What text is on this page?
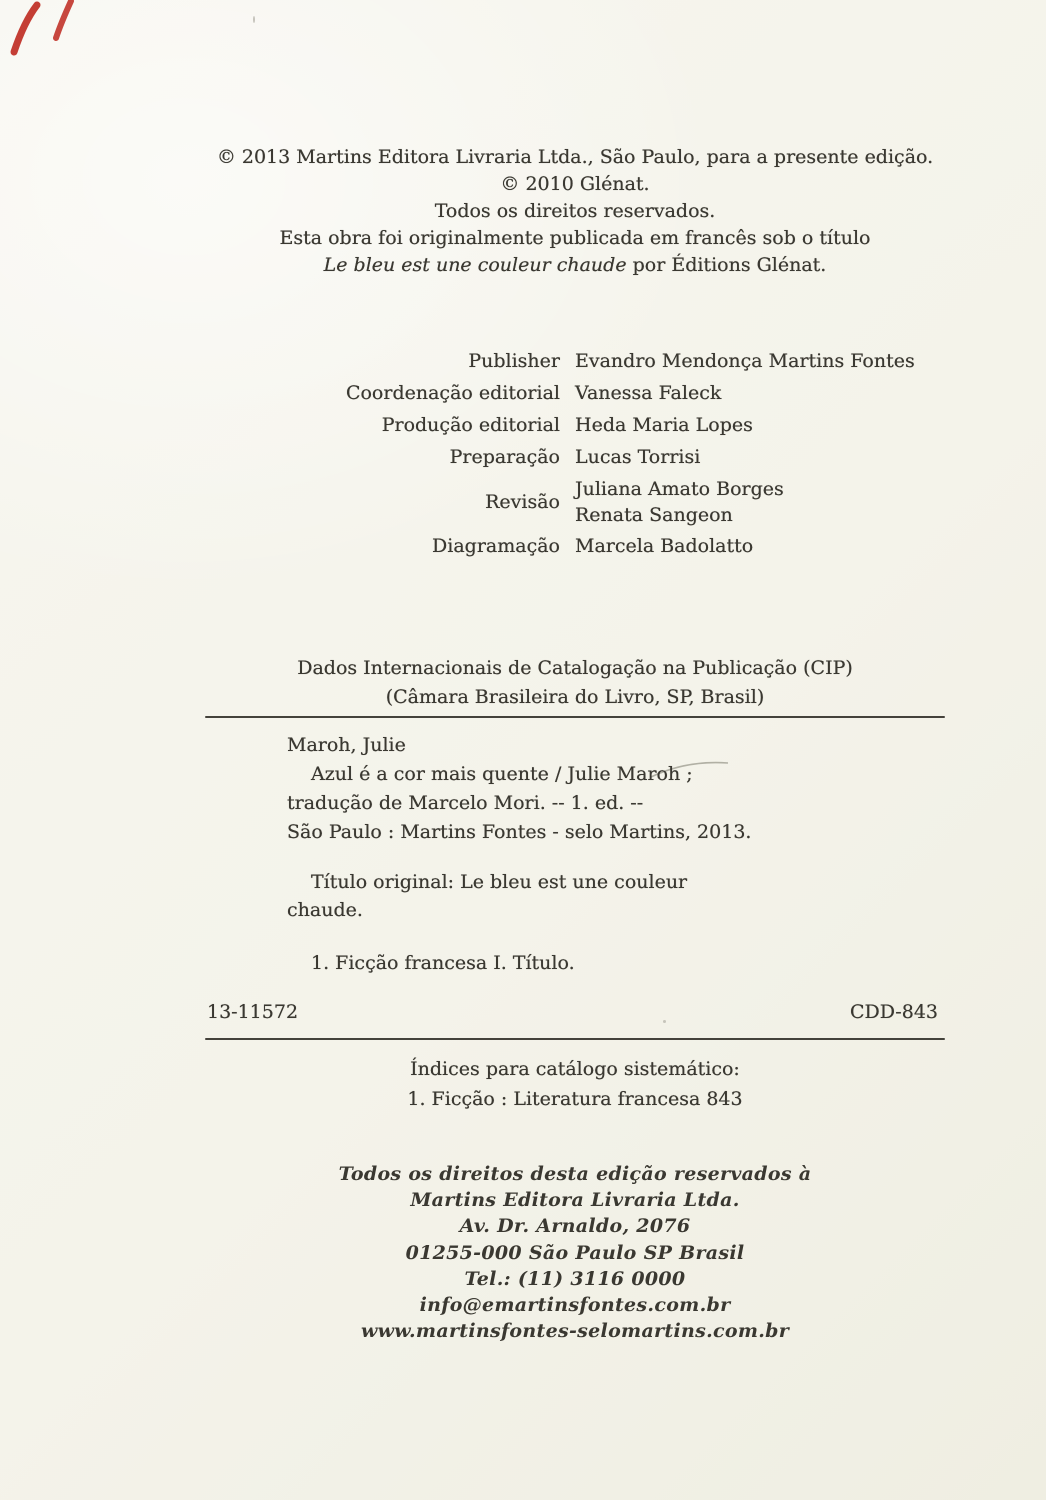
© 2013 Martins Editora Livraria Ltda., São Paulo, para a presente edição.
© 2010 Glénat.
Todos os direitos reservados.
Esta obra foi originalmente publicada em francês sob o título
Le bleu est une couleur chaude por Éditions Glénat.
Publisher Evandro Mendonça Martins Fontes
Coordenação editorial Vanessa Faleck
Produção editorial Heda Maria Lopes
Preparação Lucas Torrisi
Revisão
Juliana Amato Borges
Renata Sangeon
Diagramação Marcela Badolatto
Dados Internacionais de Catalogação na Publicação (CIP)
(Câmara Brasileira do Livro, SP, Brasil)
Maroh, Julie
Azul é a cor mais quente / Julie Maroh ;
tradução de Marcelo Mori. -- 1. ed. --
São Paulo : Martins Fontes - selo Martins, 2013.
Título original: Le bleu est une couleur
chaude.
1. Ficção francesa I. Título.
13-11572	CDD-843
Índices para catálogo sistemático:
1. Ficção : Literatura francesa 843
Todos os direitos desta edição reservados à
Martins Editora Livraria Ltda.
Av. Dr. Arnaldo, 2076
01255-000 São Paulo SP Brasil
Tel.: (11) 3116 0000
info@emartinsfontes.com.br
www.martinsfontes-selomartins.com.br
